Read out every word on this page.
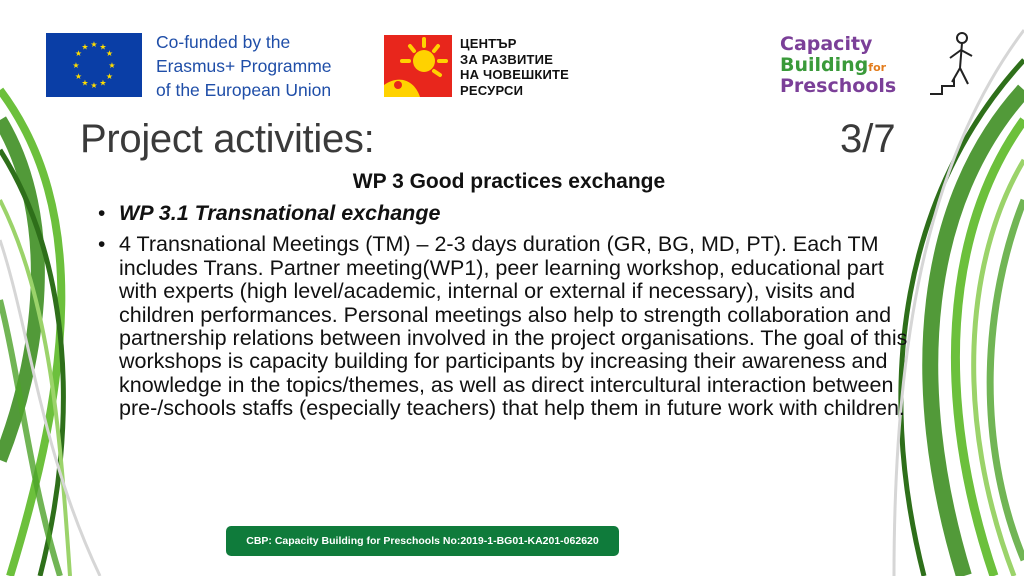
★ ★
★
★
★
★
★
★
★
★
★
★	Co-funded by the
Erasmus+ Programme
of the European Union
ЦЕНТЪР
ЗА РАЗВИТИЕ
НА ЧОВЕШКИТЕ
РЕСУРСИ
Capacity
Buildingfor
Preschools
Project activities:	3/7
WP 3 Good practices exchange
• WP 3.1 Transnational exchange
• 4 Transnational Meetings (TM) – 2-3 days duration (GR, BG, MD, PT). Each TM includes Trans. Partner meeting(WP1), peer learning workshop, educational part with experts (high level/academic, internal or external if necessary), visits and children performances. Personal meetings also help to strength collaboration and partnership relations between involved in the project organisations. The goal of this workshops is capacity building for participants by increasing their awareness and knowledge in the topics/themes, as well as direct intercultural interaction between pre-/schools staffs (especially teachers) that help them in future work with children.
CBP: Capacity Building for Preschools No:2019-1-BG01-KA201-062620
